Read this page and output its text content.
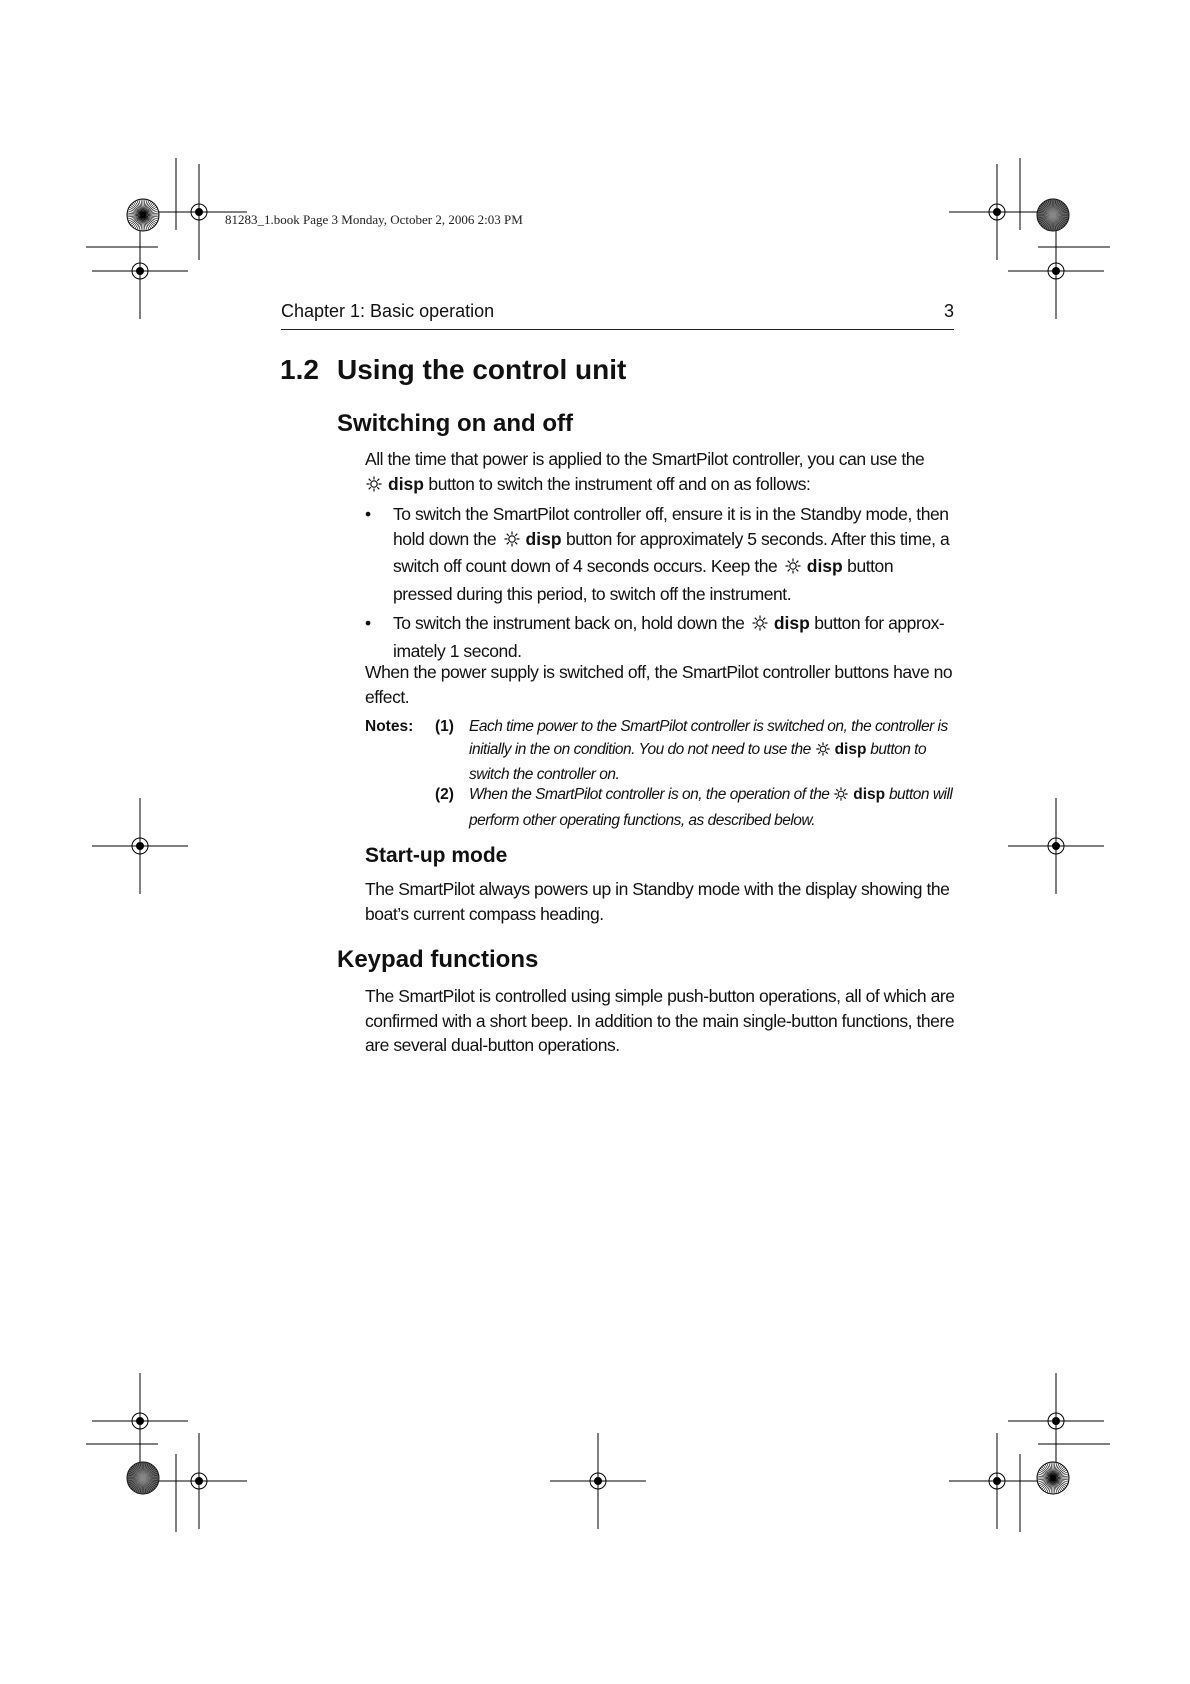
81283_1.book Page 3 Monday, October 2, 2006 2:03 PM
Chapter 1: Basic operation	3
1.2 Using the control unit
Switching on and off
All the time that power is applied to the SmartPilot controller, you can use the
disp button to switch the instrument off and on as follows:
•	To switch the SmartPilot controller off, ensure it is in the Standby mode, then hold down the disp button for approximately 5 seconds. After this time, a switch off count down of 4 seconds occurs. Keep the disp button pressed during this period, to switch off the instrument.
•	To switch the instrument back on, hold down the disp button for approx-imately 1 second.
When the power supply is switched off, the SmartPilot controller buttons have no effect.
Notes: (1) Each time power to the SmartPilot controller is switched on, the controller is initially in the on condition. You do not need to use the disp button to switch the controller on.
(2) When the SmartPilot controller is on, the operation of the disp button will perform other operating functions, as described below.
Start-up mode
The SmartPilot always powers up in Standby mode with the display showing the boat’s current compass heading.
Keypad functions
The SmartPilot is controlled using simple push-button operations, all of which are confirmed with a short beep. In addition to the main single-button functions, there are several dual-button operations.
